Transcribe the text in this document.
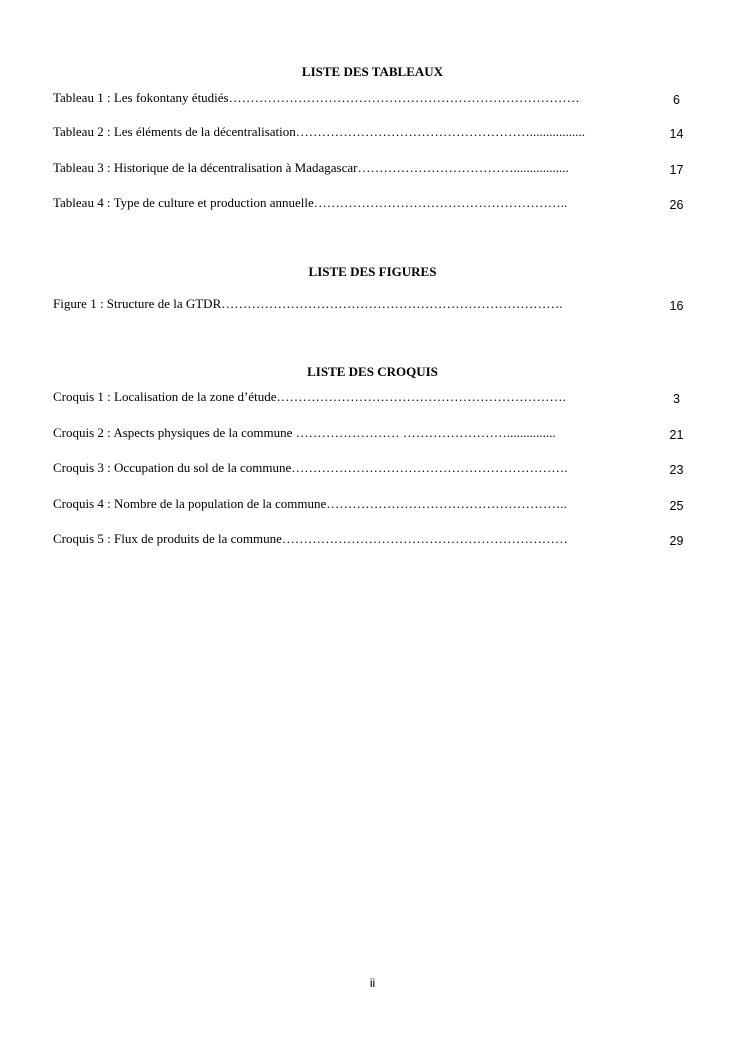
LISTE DES TABLEAUX
Tableau 1 : Les fokontany étudiés………………………………………………………………………	6
Tableau 2 : Les éléments de la décentralisation……………………………………………….................	14
Tableau 3 : Historique de la décentralisation à Madagascar……………………………….................	17
Tableau 4 : Type de culture et production annuelle…………………………………………………..	26
LISTE DES FIGURES
Figure 1 : Structure de la GTDR…………………………………………………………………….	16
LISTE DES CROQUIS
Croquis 1 : Localisation de la zone d’étude………………………………………………………….	3
Croquis 2 : Aspects physiques de la commune …………………… ……………………...............	21
Croquis 3 : Occupation du sol de la commune……………………………………………………….	23
Croquis 4 : Nombre de la population de la commune………………………………………………..	25
Croquis 5 : Flux de produits de la commune…………………………………………………………	29
ii
